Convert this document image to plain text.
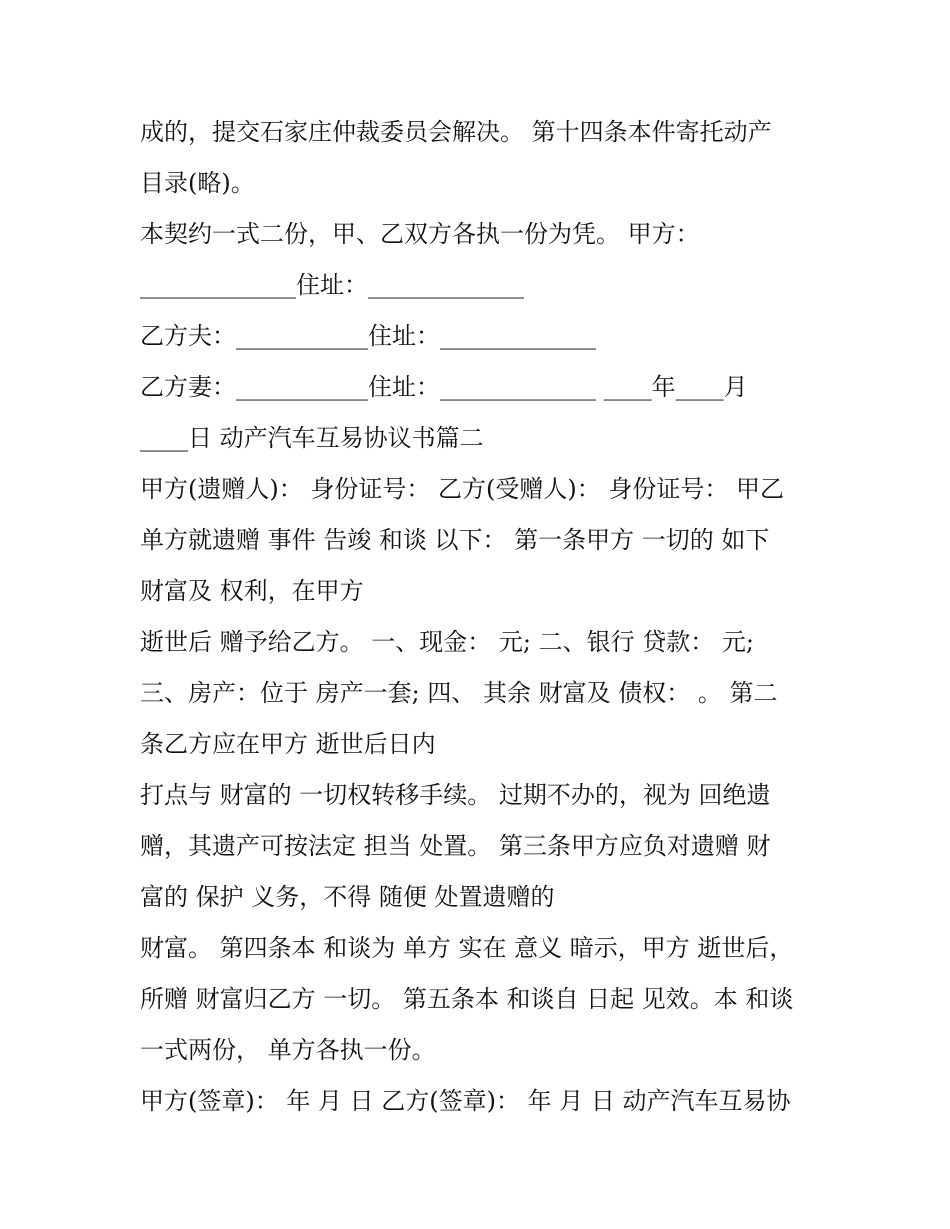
成的，提交石家庄仲裁委员会解决。 第十四条本件寄托动产
目录(略)。
本契约一式二份，甲、乙双方各执一份为凭。 甲方：
_____________住址：_____________
乙方夫：___________住址：_____________
乙方妻：___________住址：_____________ ____年____月
____日 动产汽车互易协议书篇二
甲方(遗赠人)： 身份证号： 乙方(受赠人)： 身份证号： 甲乙
单方就遗赠 事件 告竣 和谈 以下： 第一条甲方 一切的 如下
财富及 权利，在甲方
逝世后 赠予给乙方。 一、现金： 元; 二、银行 贷款： 元;
三、房产：位于 房产一套; 四、 其余 财富及 债权： 。 第二
条乙方应在甲方 逝世后日内
打点与 财富的 一切权转移手续。 过期不办的，视为 回绝遗
赠，其遗产可按法定 担当 处置。 第三条甲方应负对遗赠 财
富的 保护 义务，不得 随便 处置遗赠的
财富。 第四条本 和谈为 单方 实在 意义 暗示，甲方 逝世后，
所赠 财富归乙方 一切。 第五条本 和谈自 日起 见效。本 和谈
一式两份， 单方各执一份。
甲方(签章)： 年 月 日 乙方(签章)： 年 月 日 动产汽车互易协
